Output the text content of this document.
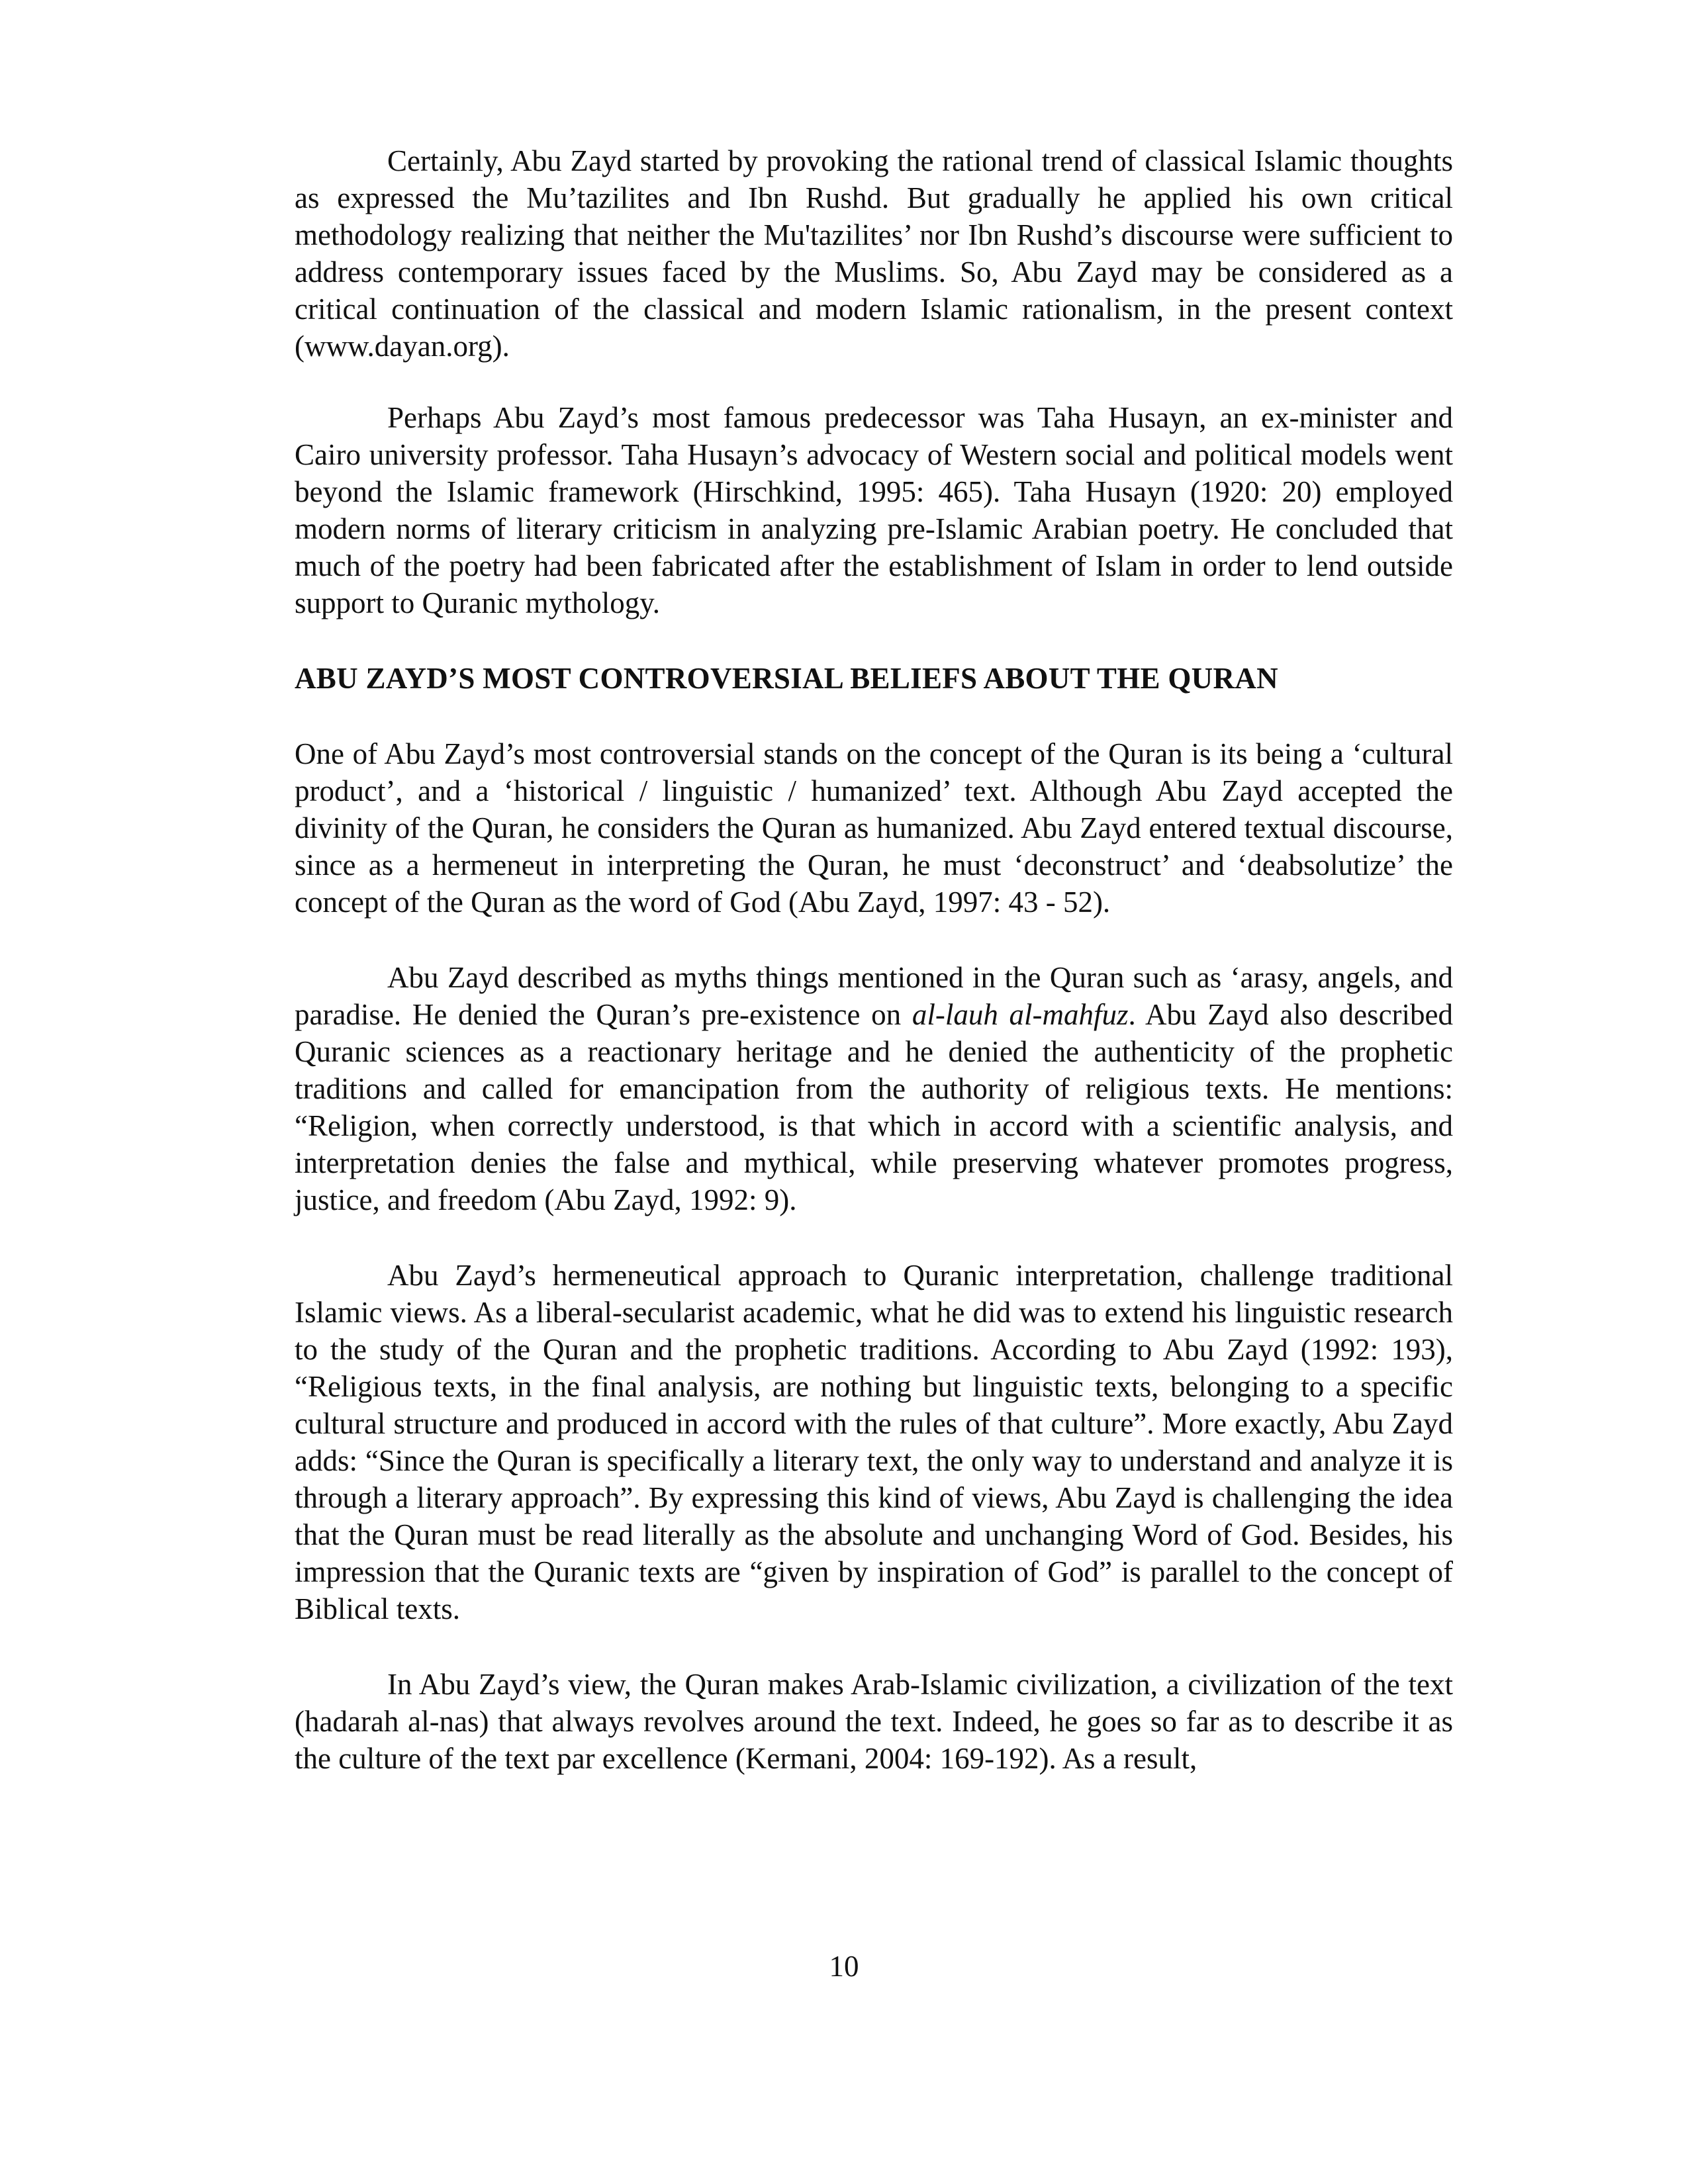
Certainly, Abu Zayd started by provoking the rational trend of classical Islamic thoughts as expressed the Mu’tazilites and Ibn Rushd. But gradually he applied his own critical methodology realizing that neither the Mu'tazilites’ nor Ibn Rushd’s discourse were sufficient to address contemporary issues faced by the Muslims. So, Abu Zayd may be considered as a critical continuation of the classical and modern Islamic rationalism, in the present context (www.dayan.org).

Perhaps Abu Zayd’s most famous predecessor was Taha Husayn, an ex-minister and Cairo university professor. Taha Husayn’s advocacy of Western social and political models went beyond the Islamic framework (Hirschkind, 1995: 465). Taha Husayn (1920: 20) employed modern norms of literary criticism in analyzing pre-Islamic Arabian poetry. He concluded that much of the poetry had been fabricated after the establishment of Islam in order to lend outside support to Quranic mythology.

ABU ZAYD’S MOST CONTROVERSIAL BELIEFS ABOUT THE QURAN

One of Abu Zayd’s most controversial stands on the concept of the Quran is its being a ‘cultural product’, and a ‘historical / linguistic / humanized’ text. Although Abu Zayd accepted the divinity of the Quran, he considers the Quran as humanized. Abu Zayd entered textual discourse, since as a hermeneut in interpreting the Quran, he must ‘deconstruct’ and ‘deabsolutize’ the concept of the Quran as the word of God (Abu Zayd, 1997: 43 - 52).

Abu Zayd described as myths things mentioned in the Quran such as ‘arasy, angels, and paradise. He denied the Quran’s pre-existence on al-lauh al-mahfuz. Abu Zayd also described Quranic sciences as a reactionary heritage and he denied the authenticity of the prophetic traditions and called for emancipation from the authority of religious texts. He mentions: “Religion, when correctly understood, is that which in accord with a scientific analysis, and interpretation denies the false and mythical, while preserving whatever promotes progress, justice, and freedom (Abu Zayd, 1992: 9).

Abu Zayd’s hermeneutical approach to Quranic interpretation, challenge traditional Islamic views. As a liberal-secularist academic, what he did was to extend his linguistic research to the study of the Quran and the prophetic traditions. According to Abu Zayd (1992: 193), “Religious texts, in the final analysis, are nothing but linguistic texts, belonging to a specific cultural structure and produced in accord with the rules of that culture”. More exactly, Abu Zayd adds: “Since the Quran is specifically a literary text, the only way to understand and analyze it is through a literary approach”. By expressing this kind of views, Abu Zayd is challenging the idea that the Quran must be read literally as the absolute and unchanging Word of God. Besides, his impression that the Quranic texts are “given by inspiration of God” is parallel to the concept of Biblical texts.

In Abu Zayd’s view, the Quran makes Arab-Islamic civilization, a civilization of the text (hadarah al-nas) that always revolves around the text. Indeed, he goes so far as to describe it as the culture of the text par excellence (Kermani, 2004: 169-192). As a result,

10
